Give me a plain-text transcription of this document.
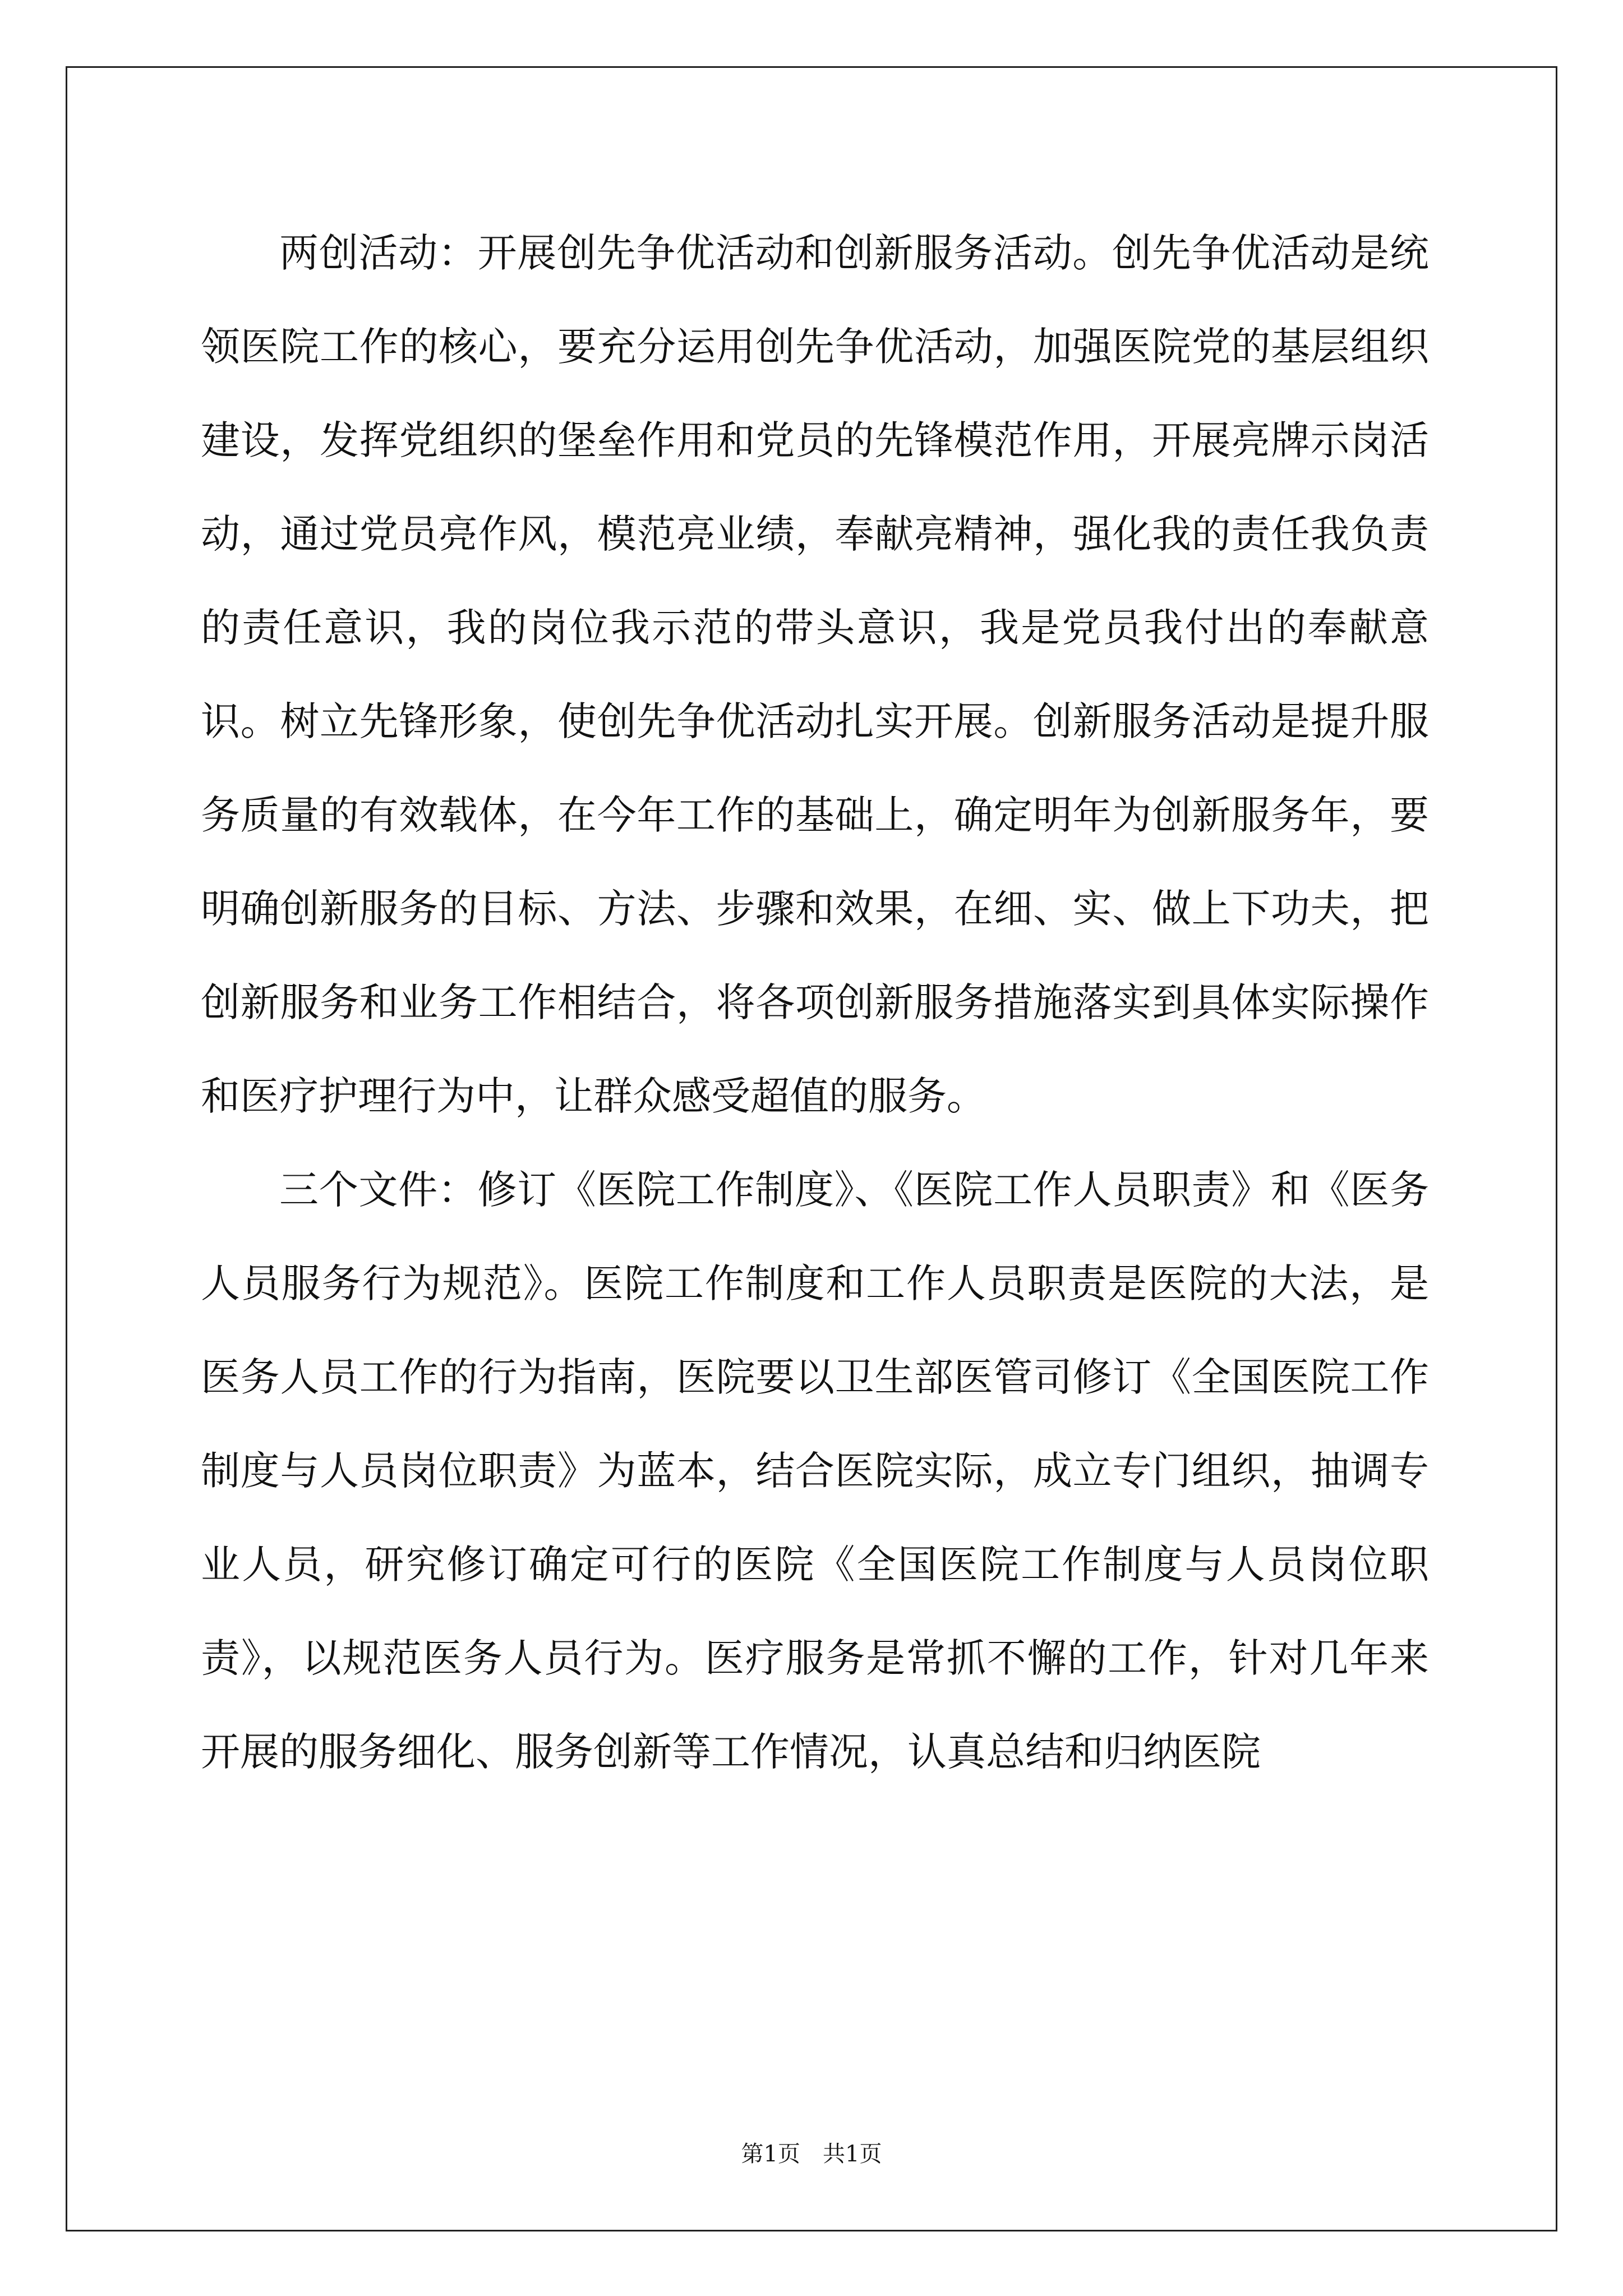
两创活动：开展创先争优活动和创新服务活动。创先争优活动是统领医院工作的核心，要充分运用创先争优活动，加强医院党的基层组织建设，发挥党组织的堡垒作用和党员的先锋模范作用，开展亮牌示岗活动，通过党员亮作风，模范亮业绩，奉献亮精神，强化我的责任我负责的责任意识，我的岗位我示范的带头意识，我是党员我付出的奉献意识。树立先锋形象，使创先争优活动扎实开展。创新服务活动是提升服务质量的有效载体，在今年工作的基础上，确定明年为创新服务年，要明确创新服务的目标、方法、步骤和效果，在细、实、做上下功夫，把创新服务和业务工作相结合，将各项创新服务措施落实到具体实际操作和医疗护理行为中，让群众感受超值的服务。

三个文件：修订《医院工作制度》、《医院工作人员职责》和《医务人员服务行为规范》。医院工作制度和工作人员职责是医院的大法，是医务人员工作的行为指南，医院要以卫生部医管司修订《全国医院工作制度与人员岗位职责》为蓝本，结合医院实际，成立专门组织，抽调专业人员，研究修订确定可行的医院《全国医院工作制度与人员岗位职责》，以规范医务人员行为。医疗服务是常抓不懈的工作，针对几年来开展的服务细化、服务创新等工作情况，认真总结和归纳医院

第1页 共1页
